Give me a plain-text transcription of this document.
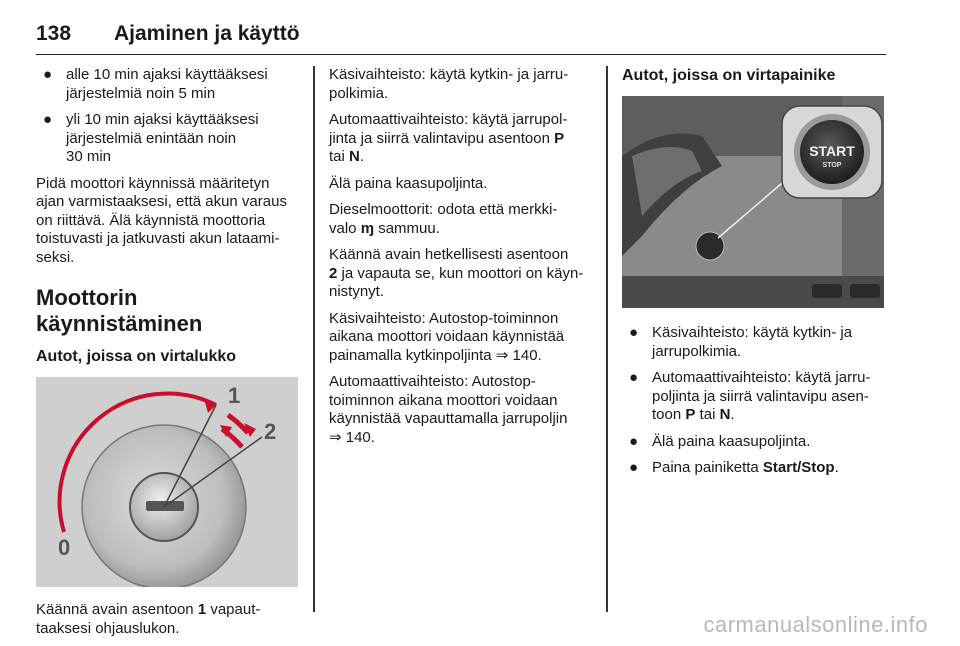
138 Ajaminen ja käyttö
● alle 10 min ajaksi käyttääksesi
järjestelmiä noin 5 min
● yli 10 min ajaksi käyttääksesi
järjestelmiä enintään noin
30 min

Pidä moottori käynnissä määritetyn
ajan varmistaaksesi, että akun varaus
on riittävä. Älä käynnistä moottoria
toistuvasti ja jatkuvasti akun lataami-
seksi.

Moottorin käynnistäminen
Autot, joissa on virtalukko
1
2
0

Käännä avain asentoon 1 vapaut-
taaksesi ohjauslukon.

Käsivaihteisto: käytä kytkin- ja jarru-
polkimia.

Automaattivaihteisto: käytä jarrupol-
jinta ja siirrä valintavipu asentoon P
tai N.

Älä paina kaasupoljinta.

Dieselmoottorit: odota että merkki-
valo ɱ sammuu.

Käännä avain hetkellisesti asentoon
2 ja vapauta se, kun moottori on käyn-
nistynyt.

Käsivaihteisto: Autostop-toiminnon
aikana moottori voidaan käynnistää
painamalla kytkinpoljinta ⇒ 140.

Automaattivaihteisto: Autostop-
toiminnon aikana moottori voidaan
käynnistää vapauttamalla jarrupoljin
⇒ 140.

Autot, joissa on virtapainike
START
STOP
● Käsivaihteisto: käytä kytkin- ja
jarrupolkimia.
● Automaattivaihteisto: käytä jarru-
poljinta ja siirrä valintavipu asen-
toon P tai N.
● Älä paina kaasupoljinta.
● Paina painiketta Start/Stop.
carmanualsonline.info
